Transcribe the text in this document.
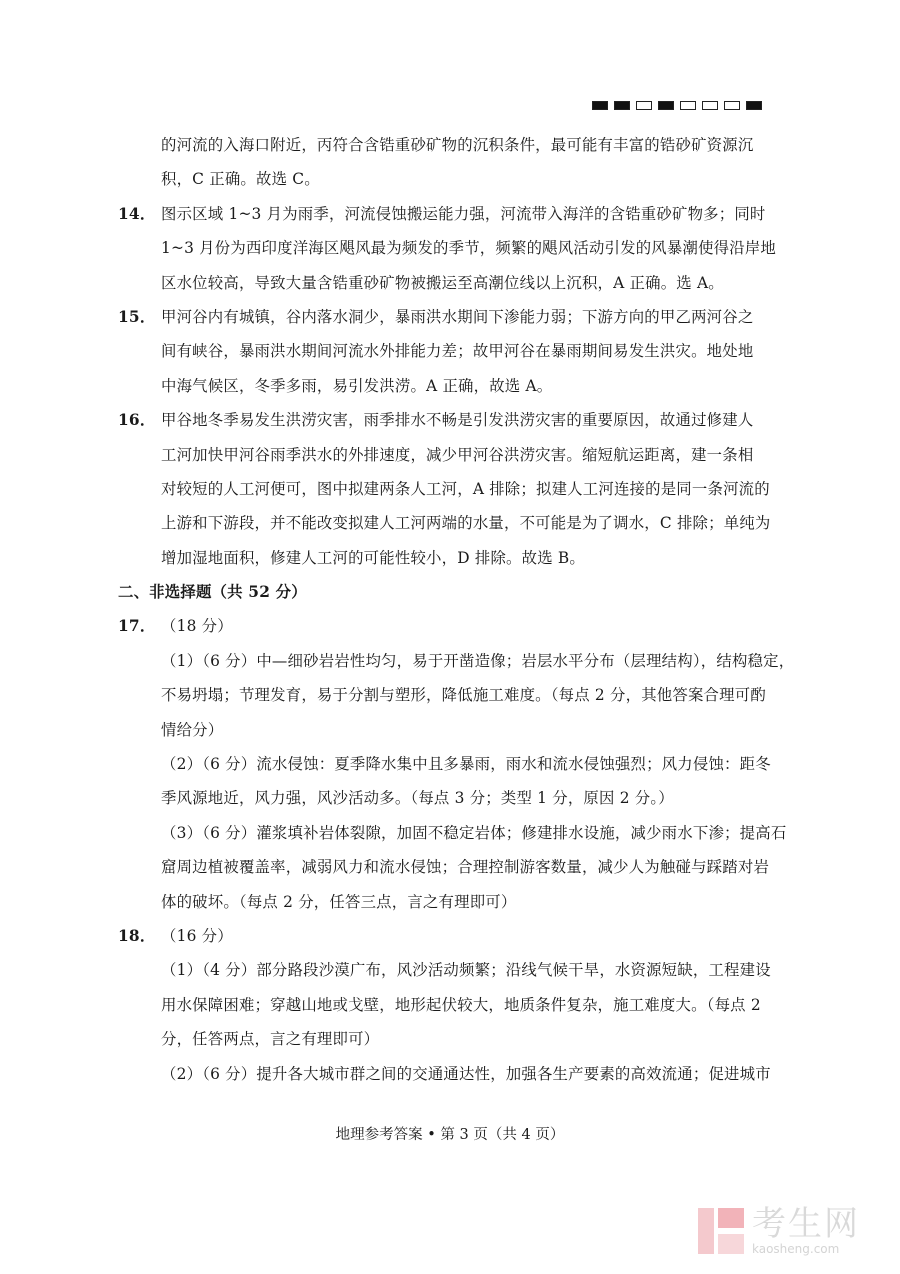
的河流的入海口附近，丙符合含锆重砂矿物的沉积条件，最可能有丰富的锆砂矿资源沉
积，C 正确。故选 C。
14． 图示区域 1~3 月为雨季，河流侵蚀搬运能力强，河流带入海洋的含锆重砂矿物多；同时
1~3 月份为西印度洋海区飓风最为频发的季节，频繁的飓风活动引发的风暴潮使得沿岸地
区水位较高，导致大量含锆重砂矿物被搬运至高潮位线以上沉积，A 正确。选 A。
15． 甲河谷内有城镇，谷内落水洞少，暴雨洪水期间下渗能力弱；下游方向的甲乙两河谷之
间有峡谷，暴雨洪水期间河流水外排能力差；故甲河谷在暴雨期间易发生洪灾。地处地
中海气候区，冬季多雨，易引发洪涝。A 正确，故选 A。
16． 甲谷地冬季易发生洪涝灾害，雨季排水不畅是引发洪涝灾害的重要原因，故通过修建人
工河加快甲河谷雨季洪水的外排速度，减少甲河谷洪涝灾害。缩短航运距离，建一条相
对较短的人工河便可，图中拟建两条人工河，A 排除；拟建人工河连接的是同一条河流的
上游和下游段，并不能改变拟建人工河两端的水量，不可能是为了调水，C 排除；单纯为
增加湿地面积，修建人工河的可能性较小，D 排除。故选 B。
二、非选择题（共 52 分）
17． （18 分）
（1）（6 分）中—细砂岩岩性均匀，易于开凿造像；岩层水平分布（层理结构），结构稳定，
不易坍塌；节理发育，易于分割与塑形，降低施工难度。（每点 2 分，其他答案合理可酌
情给分）
（2）（6 分）流水侵蚀：夏季降水集中且多暴雨，雨水和流水侵蚀强烈；风力侵蚀：距冬
季风源地近，风力强，风沙活动多。（每点 3 分；类型 1 分，原因 2 分。）
（3）（6 分）灌浆填补岩体裂隙，加固不稳定岩体；修建排水设施，减少雨水下渗；提高石
窟周边植被覆盖率，减弱风力和流水侵蚀；合理控制游客数量，减少人为触碰与踩踏对岩
体的破坏。（每点 2 分，任答三点，言之有理即可）
18． （16 分）
（1）（4 分）部分路段沙漠广布，风沙活动频繁；沿线气候干旱，水资源短缺，工程建设
用水保障困难；穿越山地或戈壁，地形起伏较大，地质条件复杂，施工难度大。（每点 2
分，任答两点，言之有理即可）
（2）（6 分）提升各大城市群之间的交通通达性，加强各生产要素的高效流通；促进城市
地理参考答案 • 第 3 页（共 4 页）
考生网
kaosheng.com
